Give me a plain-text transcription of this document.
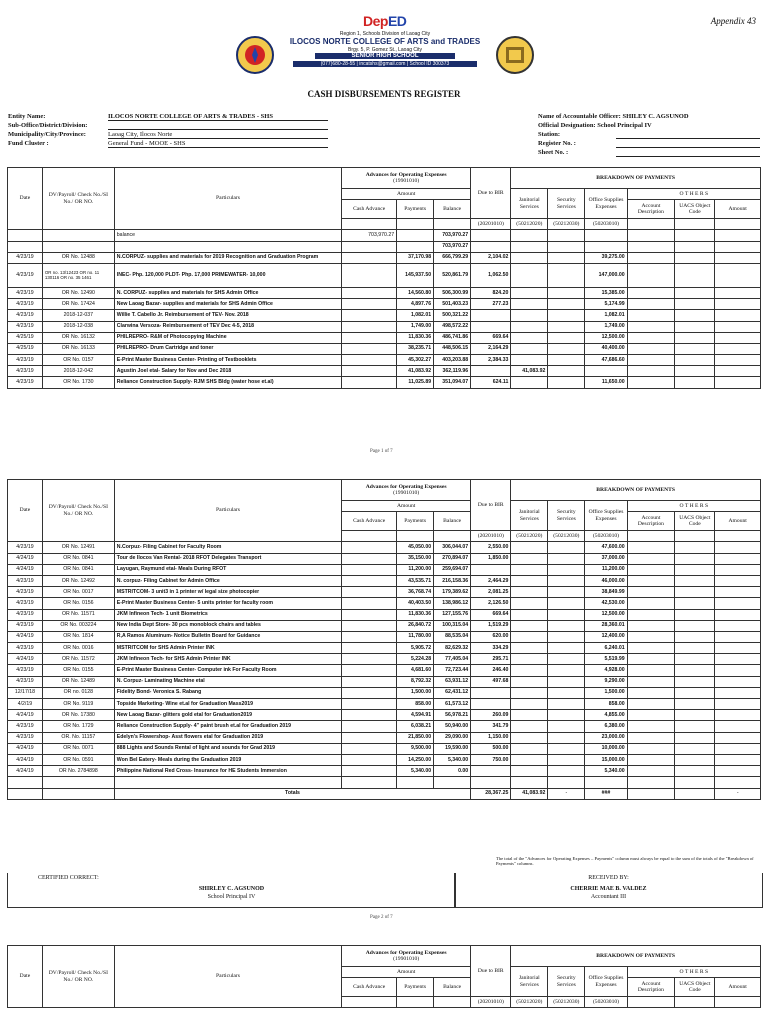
Appendix 43
Region 1, Schools Division of Laoag City
ILOCOS NORTE COLLEGE OF ARTS and TRADES
Brgy. 5, P. Gomez St., Laoag City
SENIOR HIGH SCHOOL
(077)680-28-55 | incatshs@gmail.com | School ID 300373
DepED
CASH DISBURSEMENTS REGISTER
Entity Name:	ILOCOS NORTE COLLEGE OF ARTS & TRADES - SHS
Sub-Office/District/Division:
Municipality/City/Province:	Laoag City, Ilocos Norte
Fund Cluster :	General Fund - MOOE - SHS
Name of Accountable Officer: SHILEY C. AGSUNOD
Official Designation: School Principal IV
Station:
Register No. :
Sheet No. :
Date	DV/Payroll/ Check No./SI No./ OR NO.	Particulars	Advances for Operating Expenses
(19901010)			Due to BIR	BREAKDOWN OF PAYMENTS					
			Amount				Janitorial Services	Security Services	Office Supplies Expenses	O T H E R S		
			Cash Advance	Payments	Balance					Account Description	UACS Object Code	Amount
						(20201010)	(50212020)	(50212030)	(50203010)			
		balance	703,970.27		703,970.27							
					703,970.27							
4/23/19	OR No. 12488	N.CORPUZ- supplies and materials for 2019 Recognition and Graduation Program		37,170.98	666,799.29	2,104.02			39,275.00			
4/23/19	OR no. 13/12423 OR no. 11 130116 OR no. 35 1461	INEC- Php. 120,000 PLDT- Php. 17,000 PRIMEWATER- 10,000		145,937.50	520,861.79	1,062.50			147,000.00			
4/23/19	OR No. 12490	N. CORPUZ- supplies and materials for SHS Admin Office		14,560.80	506,300.99	824.20			15,385.00			
4/23/19	OR No. 17424	New Laoag Bazar- supplies and materials for SHS Admin Office		4,897.76	501,403.23	277.23			5,174.99			
4/23/19	2018-12-037	Willie T. Cabello Jr. Reimbursement of TEV- Nov. 2018		1,082.01	500,321.22				1,082.01			
4/23/19	2018-12-038	Clarwina Versoza- Reimbursement of TEV Dec 4-5, 2018		1,749.00	498,572.22				1,749.00			
4/25/19	OR No. 16132	PHILREPRO- R&M of Photocopying Machine		11,830.36	486,741.86	669.64			12,500.00			
4/25/19	OR No. 16133	PHILREPRO- Drum Cartridge and toner		38,235.71	448,506.15	2,164.29			40,400.00			
4/23/19	OR No. 0157	E-Print Master Business Center- Printing of Testbooklets		45,302.27	403,203.88	2,384.33			47,686.60			
4/23/19	2018-12-042	Agustin Joel etal- Salary for Nov and Dec 2018		41,083.92	362,119.96		41,083.92					
4/23/19	OR No. 1730	Reliance Construction Supply- RJM SHS Bldg (water hose et.al)		11,025.89	351,094.07	624.11			11,650.00			
Page 1 of 7
Date	DV/Payroll/ Check No./SI No./ OR NO.	Particulars	Advances for Operating Expenses
(19901010)			Due to BIR	BREAKDOWN OF PAYMENTS					
			Amount				Janitorial Services	Security Services	Office Supplies Expenses	O T H E R S		
			Cash Advance	Payments	Balance					Account Description	UACS Object Code	Amount
						(20201010)	(50212020)	(50212030)	(50203010)			
4/23/19	OR No. 12491	N.Corpuz- Filing Cabinet for Faculty Room		45,050.00	306,044.07	2,550.00			47,600.00			
4/24/19	OR No. 0841	Tour de Ilocos Van Rental- 2018 RFOT Delegates Transport		35,150.00	270,894.07	1,850.00			37,000.00			
4/24/19	OR No. 0841	Layugan, Raymund etal- Meals During RFOT		11,200.00	259,694.07				11,200.00			
4/23/19	OR No. 12492	N. corpuz- Filing Cabinet for Admin Office		43,535.71	216,158.36	2,464.29			46,000.00			
4/23/19	OR No. 0017	MSTRITCOM- 3 unit3 in 1 printer w/ legal size photocopier		36,768.74	179,389.62	2,081.25			38,849.99			
4/23/19	OR No. 0156	E-Print Master Business Center- 5 units printer for faculty room		40,403.50	138,986.12	2,126.50			42,530.00			
4/23/19	OR No. 11571	JKM Infineon Tech- 1 unit Biometrics		11,830.36	127,155.76	669.64			12,500.00			
4/23/19	OR No. 003224	New India Dept Store- 30 pcs monoblock chairs and tables		26,840.72	100,315.04	1,519.29			28,360.01			
4/24/19	OR No. 1814	R,A Ramos Aluminum- Notice Bulletin Board for Guidance		11,780.00	88,535.04	620.00			12,400.00			
4/23/19	OR No. 0016	MSTRITCOM for SHS Admin Printer INK		5,905.72	82,629.32	334.29			6,240.01			
4/24/19	OR No. 11572	JKM Infineon Tech- for SHS Admin Printer INK		5,224.28	77,405.04	295.71			5,519.99			
4/23/19	OR No. 0155	E-Print Master Business Center- Computer ink For Faculty Room		4,681.60	72,723.44	246.40			4,928.00			
4/23/19	OR No. 12489	N. Corpuz- Laminating Machine etal		8,792.32	63,931.12	497.68			9,290.00			
12/17/18	OR no. 0128	Fidelity Bond- Veronica S. Rabang		1,500.00	62,431.12				1,500.00			
4/2/19	OR No. 9119	Topside Marketing- Wine et.al for Graduation Mass2019		858.00	61,573.12				858.00			
4/24/19	OR No. 17380	New Laoag Bazar- glitters gold etal for Graduation2019		4,594.91	56,978.21	260.09			4,855.00			
4/23/19	OR No. 1729	Reliance Construction Supply- 4" paint brush et.al for Graduation 2019		6,038.21	50,940.00	341.79			6,380.00			
4/23/19	OR. No. 11157	Edelyn's Flowershop- Asst flowers etal for Graduation 2019		21,850.00	29,090.00	1,150.00			23,000.00			
4/24/19	OR No. 0071	888 Lights and Sounds Rental of light and sounds for Grad 2019		9,500.00	19,590.00	500.00			10,000.00			
4/24/19	OR No. 0591	Won Bel Eatery- Meals during the Graduation 2019		14,250.00	5,340.00	750.00			15,000.00			
4/24/19	OR No. 2784898	Philippine National Red Cross- Insurance for HE Students Immersion		5,340.00	0.00				5,340.00			

		Totals				28,367.25	41,083.92	-	###			-
The total of the "Advances for Operating Expenses – Payments" column must always be equal to the sum of the totals of the "Breakdown of Payments" columns.
CERTIFIED CORRECT:
SHIRLEY C. AGSUNOD
School Principal IV
RECEIVED BY:
CHERRIE MAE B. VALDEZ
Accountant III
Page 2 of 7
Date	DV/Payroll/ Check No./SI No./ OR NO.	Particulars	Advances for Operating Expenses
(19901010)			Due to BIR	BREAKDOWN OF PAYMENTS					
			Amount				Janitorial Services	Security Services	Office Supplies Expenses	O T H E R S		
			Cash Advance	Payments	Balance					Account Description	UACS Object Code	Amount
						(20201010)	(50212020)	(50212030)	(50203010)			
